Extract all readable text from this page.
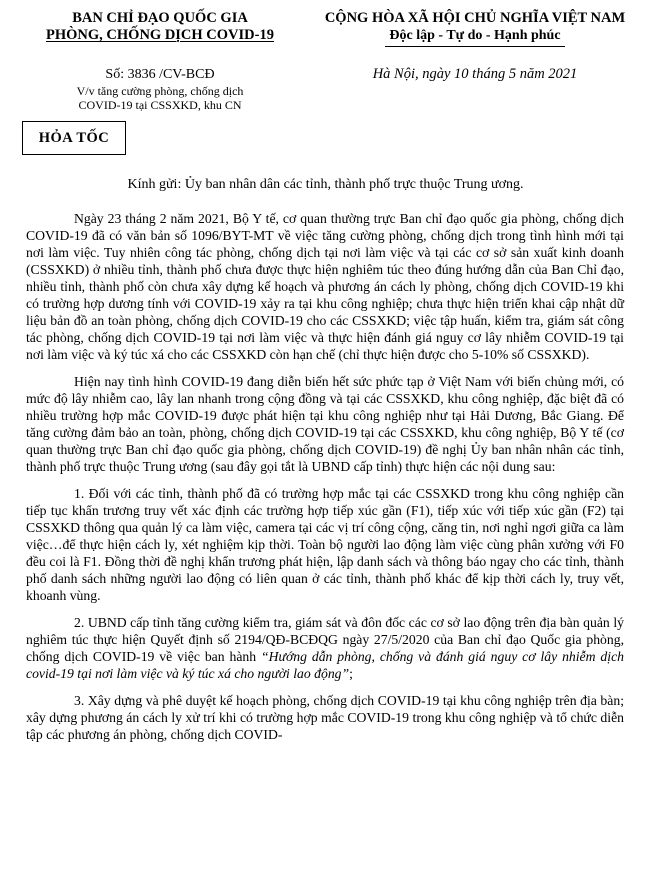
BAN CHỈ ĐẠO QUỐC GIA
PHÒNG, CHỐNG DỊCH COVID-19
CỘNG HÒA XÃ HỘI CHỦ NGHĨA VIỆT NAM
Độc lập - Tự do - Hạnh phúc
Số: 3836 /CV-BCĐ
V/v tăng cường phòng, chống dịch
COVID-19 tại CSSXKD, khu CN
Hà Nội, ngày 10 tháng 5 năm 2021
HỎA TỐC
Kính gửi: Ủy ban nhân dân các tỉnh, thành phố trực thuộc Trung ương.

Ngày 23 tháng 2 năm 2021, Bộ Y tế, cơ quan thường trực Ban chỉ đạo quốc gia phòng, chống dịch COVID-19 đã có văn bản số 1096/BYT-MT về việc tăng cường phòng, chống dịch trong tình hình mới tại nơi làm việc. Tuy nhiên công tác phòng, chống dịch tại nơi làm việc và tại các cơ sở sản xuất kinh doanh (CSSXKD) ở nhiều tỉnh, thành phố chưa được thực hiện nghiêm túc theo đúng hướng dẫn của Ban Chỉ đạo, nhiều tỉnh, thành phố còn chưa xây dựng kế hoạch và phương án cách ly phòng, chống dịch COVID-19 khi có trường hợp dương tính với COVID-19 xảy ra tại khu công nghiệp; chưa thực hiện triển khai cập nhật dữ liệu bản đồ an toàn phòng, chống dịch COVID-19 cho các CSSXKD; việc tập huấn, kiểm tra, giám sát công tác phòng, chống dịch COVID-19 tại nơi làm việc và thực hiện đánh giá nguy cơ lây nhiễm COVID-19 tại nơi làm việc và ký túc xá cho các CSSXKD còn hạn chế (chỉ thực hiện được cho 5-10% số CSSXKD).

Hiện nay tình hình COVID-19 đang diễn biến hết sức phức tạp ở Việt Nam với biến chủng mới, có mức độ lây nhiễm cao, lây lan nhanh trong cộng đồng và tại các CSSXKD, khu công nghiệp, đặc biệt đã có nhiều trường hợp mắc COVID-19 được phát hiện tại khu công nghiệp như tại Hải Dương, Bắc Giang. Để tăng cường đảm bảo an toàn, phòng, chống dịch COVID-19 tại các CSSXKD, khu công nghiệp, Bộ Y tế (cơ quan thường trực Ban chỉ đạo quốc gia phòng, chống dịch COVID-19) đề nghị Ủy ban nhân nhân các tỉnh, thành phố trực thuộc Trung ương (sau đây gọi tắt là UBND cấp tỉnh) thực hiện các nội dung sau:

1. Đối với các tỉnh, thành phố đã có trường hợp mắc tại các CSSXKD trong khu công nghiệp cần tiếp tục khẩn trương truy vết xác định các trường hợp tiếp xúc gần (F1), tiếp xúc với tiếp xúc gần (F2) tại CSSXKD thông qua quản lý ca làm việc, camera tại các vị trí công cộng, căng tin, nơi nghỉ ngơi giữa ca làm việc…để thực hiện cách ly, xét nghiệm kịp thời. Toàn bộ người lao động làm việc cùng phân xưởng với F0 đều coi là F1. Đồng thời đề nghị khẩn trương phát hiện, lập danh sách và thông báo ngay cho các tỉnh, thành phố danh sách những người lao động có liên quan ở các tỉnh, thành phố khác để kịp thời cách ly, truy vết, khoanh vùng.

2. UBND cấp tỉnh tăng cường kiểm tra, giám sát và đôn đốc các cơ sở lao động trên địa bàn quản lý nghiêm túc thực hiện Quyết định số 2194/QĐ-BCĐQG ngày 27/5/2020 của Ban chỉ đạo Quốc gia phòng, chống dịch COVID-19 về việc ban hành “Hướng dẫn phòng, chống và đánh giá nguy cơ lây nhiễm dịch covid-19 tại nơi làm việc và ký túc xá cho người lao động”;

3. Xây dựng và phê duyệt kế hoạch phòng, chống dịch COVID-19 tại khu công nghiệp trên địa bàn; xây dựng phương án cách ly xử trí khi có trường hợp mắc COVID-19 trong khu công nghiệp và tổ chức diễn tập các phương án phòng, chống dịch COVID-
